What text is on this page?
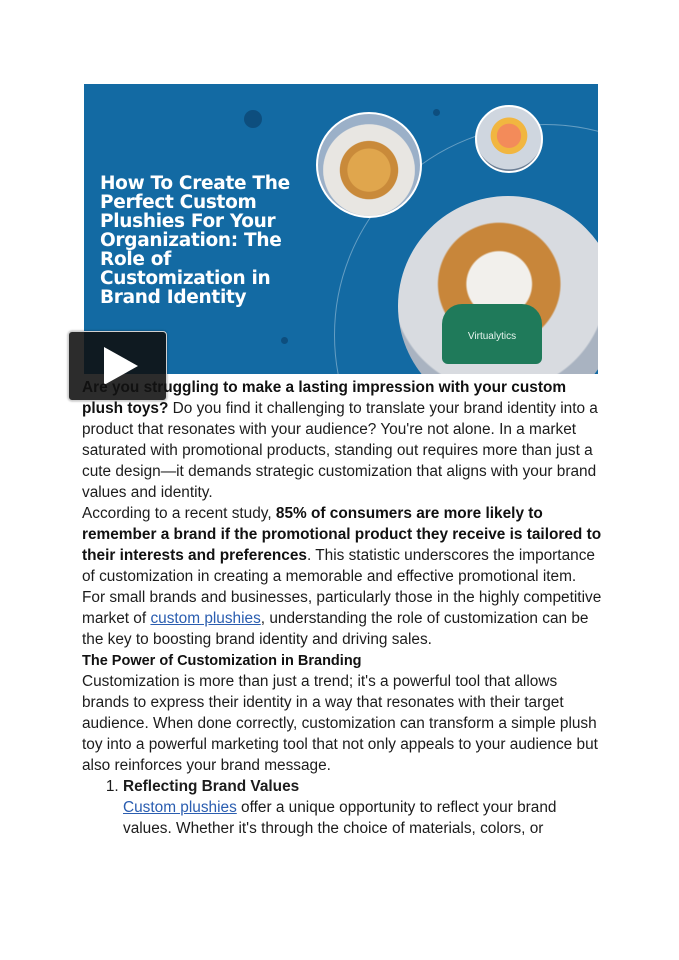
How To Create The Perfect Custom Plushies For Your Organization: The Role of Customization in Brand Identity
Virtualytics

Are you struggling to make a lasting impression with your custom plush toys? Do you find it challenging to translate your brand identity into a product that resonates with your audience? You're not alone. In a market saturated with promotional products, standing out requires more than just a cute design—it demands strategic customization that aligns with your brand values and identity.

According to a recent study, 85% of consumers are more likely to remember a brand if the promotional product they receive is tailored to their interests and preferences. This statistic underscores the importance of customization in creating a memorable and effective promotional item. For small brands and businesses, particularly those in the highly competitive market of custom plushies, understanding the role of customization can be the key to boosting brand identity and driving sales.

The Power of Customization in Branding

Customization is more than just a trend; it's a powerful tool that allows brands to express their identity in a way that resonates with their target audience. When done correctly, customization can transform a simple plush toy into a powerful marketing tool that not only appeals to your audience but also reinforces your brand message.

1. Reflecting Brand Values
Custom plushies offer a unique opportunity to reflect your brand values. Whether it's through the choice of materials, colors, or
